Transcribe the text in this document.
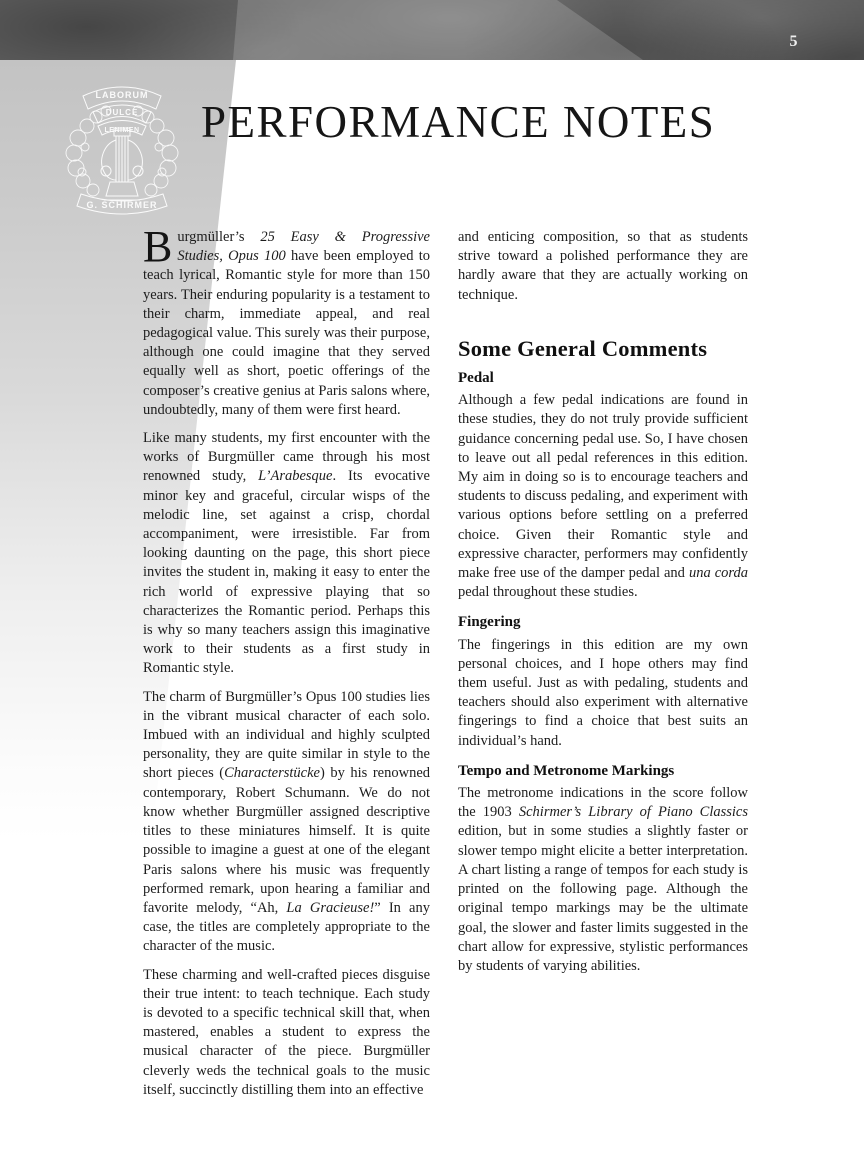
5
LABORUM
DULCE
LENIMEN
G. SCHIRMER
PERFORMANCE NOTES

Burgmüller’s 25 Easy & Progressive Studies, Opus 100 have been employed to teach lyrical, Romantic style for more than 150 years. Their enduring popularity is a testament to their charm, immediate appeal, and real pedagogical value. This surely was their purpose, although one could imagine that they served equally well as short, poetic offerings of the composer’s creative genius at Paris salons where, undoubtedly, many of them were first heard.

Like many students, my first encounter with the works of Burgmüller came through his most renowned study, L’Arabesque. Its evocative minor key and graceful, circular wisps of the melodic line, set against a crisp, chordal accompaniment, were irresistible. Far from looking daunting on the page, this short piece invites the student in, making it easy to enter the rich world of expressive playing that so characterizes the Romantic period. Perhaps this is why so many teachers assign this imaginative work to their students as a first study in Romantic style.

The charm of Burgmüller’s Opus 100 studies lies in the vibrant musical character of each solo. Imbued with an individual and highly sculpted personality, they are quite similar in style to the short pieces (Characterstücke) by his renowned contemporary, Robert Schumann. We do not know whether Burgmüller assigned descriptive titles to these miniatures himself. It is quite possible to imagine a guest at one of the elegant Paris salons where his music was frequently performed remark, upon hearing a familiar and favorite melody, “Ah, La Gracieuse!” In any case, the titles are completely appropriate to the character of the music.

These charming and well-crafted pieces disguise their true intent: to teach technique. Each study is devoted to a specific technical skill that, when mastered, enables a student to express the musical character of the piece. Burgmüller cleverly weds the technical goals to the music itself, succinctly distilling them into an effective

and enticing composition, so that as students strive toward a polished performance they are hardly aware that they are actually working on technique.

Some General Comments
Pedal

Although a few pedal indications are found in these studies, they do not truly provide sufficient guidance concerning pedal use. So, I have chosen to leave out all pedal references in this edition. My aim in doing so is to encourage teachers and students to discuss pedaling, and experiment with various options before settling on a preferred choice. Given their Romantic style and expressive character, performers may confidently make free use of the damper pedal and una corda pedal throughout these studies.

Fingering

The fingerings in this edition are my own personal choices, and I hope others may find them useful. Just as with pedaling, students and teachers should also experiment with alternative fingerings to find a choice that best suits an individual’s hand.

Tempo and Metronome Markings

The metronome indications in the score follow the 1903 Schirmer’s Library of Piano Classics edition, but in some studies a slightly faster or slower tempo might elicite a better interpretation. A chart listing a range of tempos for each study is printed on the following page. Although the original tempo markings may be the ultimate goal, the slower and faster limits suggested in the chart allow for expressive, stylistic performances by students of varying abilities.
